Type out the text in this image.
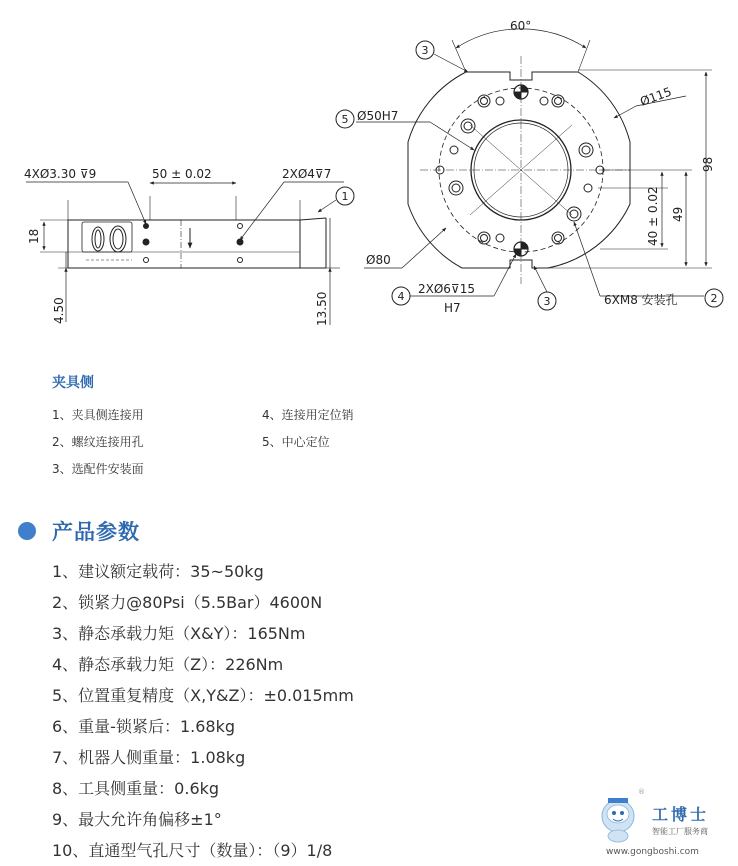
4XØ3.30 ⊽9	50 ± 0.02	2XØ4⊽7
1
18
4.50	13.50
60°
3
5 Ø50H7
Ø115
98
49
40 ± 0.02
Ø80
4
2XØ6⊽15
H7	3	6XM8 安装孔	2
夹具侧
1、夹具侧连接用
2、螺纹连接用孔
3、选配件安装面
4、连接用定位销
5、中心定位
产品参数
1、建议额定载荷：35~50kg
2、锁紧力@80Psi（5.5Bar）4600N
3、静态承载力矩（X&Y）：165Nm
4、静态承载力矩（Z）：226Nm
5、位置重复精度（X,Y&Z）：±0.015mm
6、重量-锁紧后：1.68kg
7、机器人侧重量：1.08kg
8、工具侧重量：0.6kg
9、最大允许角偏移±1°
10、直通型气孔尺寸（数量）：（9）1/8
工博士
®
智能工厂服务商
www.gongboshi.com
